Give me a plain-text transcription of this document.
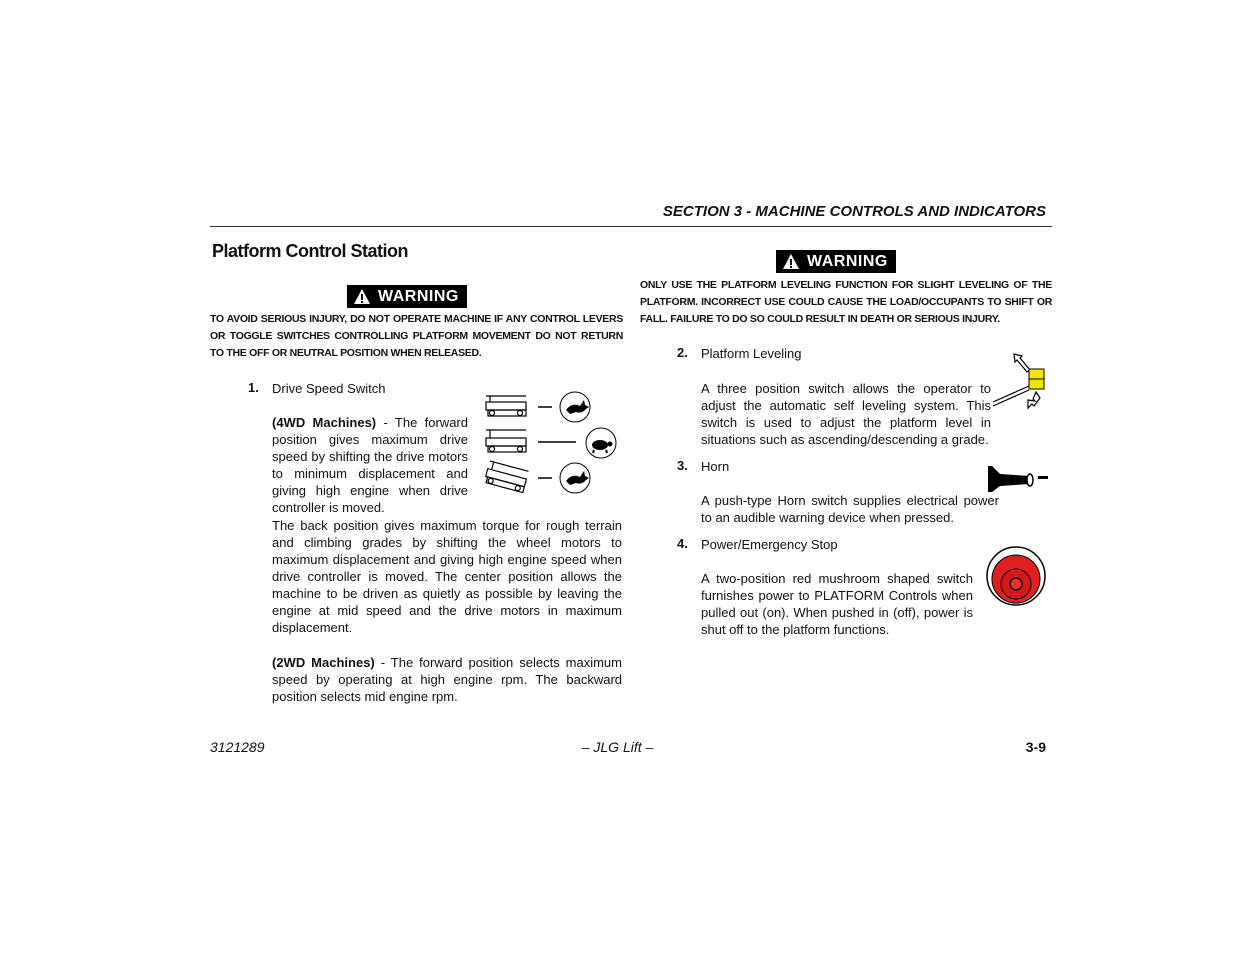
SECTION 3 - MACHINE CONTROLS AND INDICATORS
Platform Control Station
WARNING
TO AVOID SERIOUS INJURY, DO NOT OPERATE MACHINE IF ANY CONTROL LEVERS OR TOGGLE SWITCHES CONTROLLING PLATFORM MOVEMENT DO NOT RETURN TO THE OFF OR NEUTRAL POSITION WHEN RELEASED.
WARNING
ONLY USE THE PLATFORM LEVELING FUNCTION FOR SLIGHT LEVELING OF THE PLATFORM. INCORRECT USE COULD CAUSE THE LOAD/OCCUPANTS TO SHIFT OR FALL. FAILURE TO DO SO COULD RESULT IN DEATH OR SERIOUS INJURY.
1. Drive Speed Switch
(4WD Machines) - The forward position gives maximum drive speed by shifting the drive motors to minimum displacement and giving high engine when drive controller is moved.
The back position gives maximum torque for rough terrain and climbing grades by shifting the wheel motors to maximum displacement and giving high engine speed when drive controller is moved. The center position allows the machine to be driven as quietly as possible by leaving the engine at mid speed and the drive motors in maximum displacement.
(2WD Machines) - The forward position selects maximum speed by operating at high engine rpm. The backward position selects mid engine rpm.
2. Platform Leveling
A three position switch allows the operator to adjust the automatic self leveling system. This switch is used to adjust the platform level in situations such as ascending/descending a grade.
3. Horn
A push-type Horn switch supplies electrical power to an audible warning device when pressed.
4. Power/Emergency Stop
A two-position red mushroom shaped switch furnishes power to PLATFORM Controls when pulled out (on). When pushed in (off), power is shut off to the platform functions.
3121289	– JLG Lift –	3-9
